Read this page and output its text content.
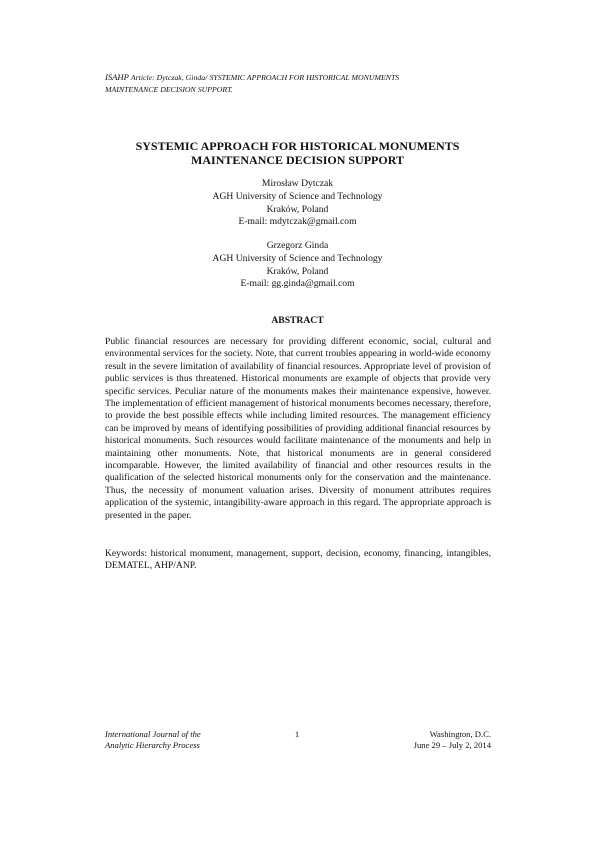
ISAHP Article: Dytczak, Ginda/ SYSTEMIC APPROACH FOR HISTORICAL MONUMENTS
MAINTENANCE DECISION SUPPORT.
SYSTEMIC APPROACH FOR HISTORICAL MONUMENTS
MAINTENANCE DECISION SUPPORT
Mirosław Dytczak
AGH University of Science and Technology
Kraków, Poland
E-mail: mdytczak@gmail.com
Grzegorz Ginda
AGH University of Science and Technology
Kraków, Poland
E-mail: gg.ginda@gmail.com
ABSTRACT

Public financial resources are necessary for providing different economic, social, cultural and environmental services for the society. Note, that current troubles appearing in world-wide economy result in the severe limitation of availability of financial resources. Appropriate level of provision of public services is thus threatened. Historical monuments are example of objects that provide very specific services. Peculiar nature of the monuments makes their maintenance expensive, however. The implementation of efficient management of historical monuments becomes necessary, therefore, to provide the best possible effects while including limited resources. The management efficiency can be improved by means of identifying possibilities of providing additional financial resources by historical monuments. Such resources would facilitate maintenance of the monuments and help in maintaining other monuments. Note, that historical monuments are in general considered incomparable. However, the limited availability of financial and other resources results in the qualification of the selected historical monuments only for the conservation and the maintenance. Thus, the necessity of monument valuation arises. Diversity of monument attributes requires application of the systemic, intangibility-aware approach in this regard. The appropriate approach is presented in the paper.

Keywords: historical monument, management, support, decision, economy, financing, intangibles, DEMATEL, AHP/ANP.

International Journal of the
Analytic Hierarchy Process
1	Washington, D.C.
June 29 – July 2, 2014
